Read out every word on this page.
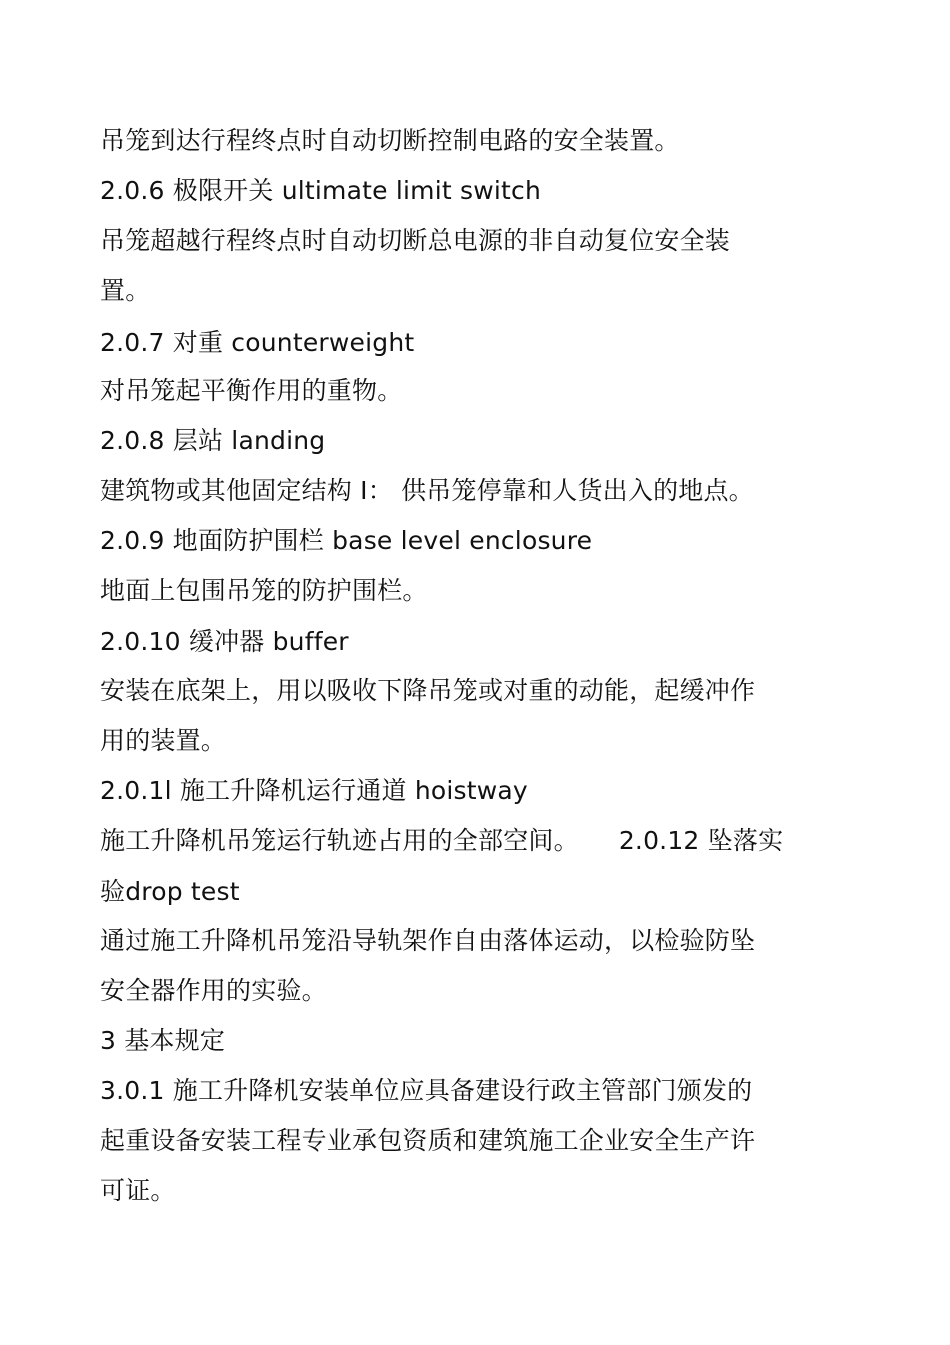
吊笼到达行程终点时自动切断控制电路的安全装置。
2.0.6 极限开关 ultimate limit switch
吊笼超越行程终点时自动切断总电源的非自动复位安全装
置。
2.0.7 对重 counterweight
对吊笼起平衡作用的重物。
2.0.8 层站 landing
建筑物或其他固定结构 I： 供吊笼停靠和人货出入的地点。
2.0.9 地面防护围栏 base level enclosure
地面上包围吊笼的防护围栏。
2.0.10 缓冲器 buffer
安装在底架上，用以吸收下降吊笼或对重的动能，起缓冲作
用的装置。
2.0.1l 施工升降机运行通道 hoistway
施工升降机吊笼运行轨迹占用的全部空间。 2.0.12 坠落实
验drop test
通过施工升降机吊笼沿导轨架作自由落体运动，以检验防坠
安全器作用的实验。
3 基本规定
3.0.1 施工升降机安装单位应具备建设行政主管部门颁发的
起重设备安装工程专业承包资质和建筑施工企业安全生产许
可证。
